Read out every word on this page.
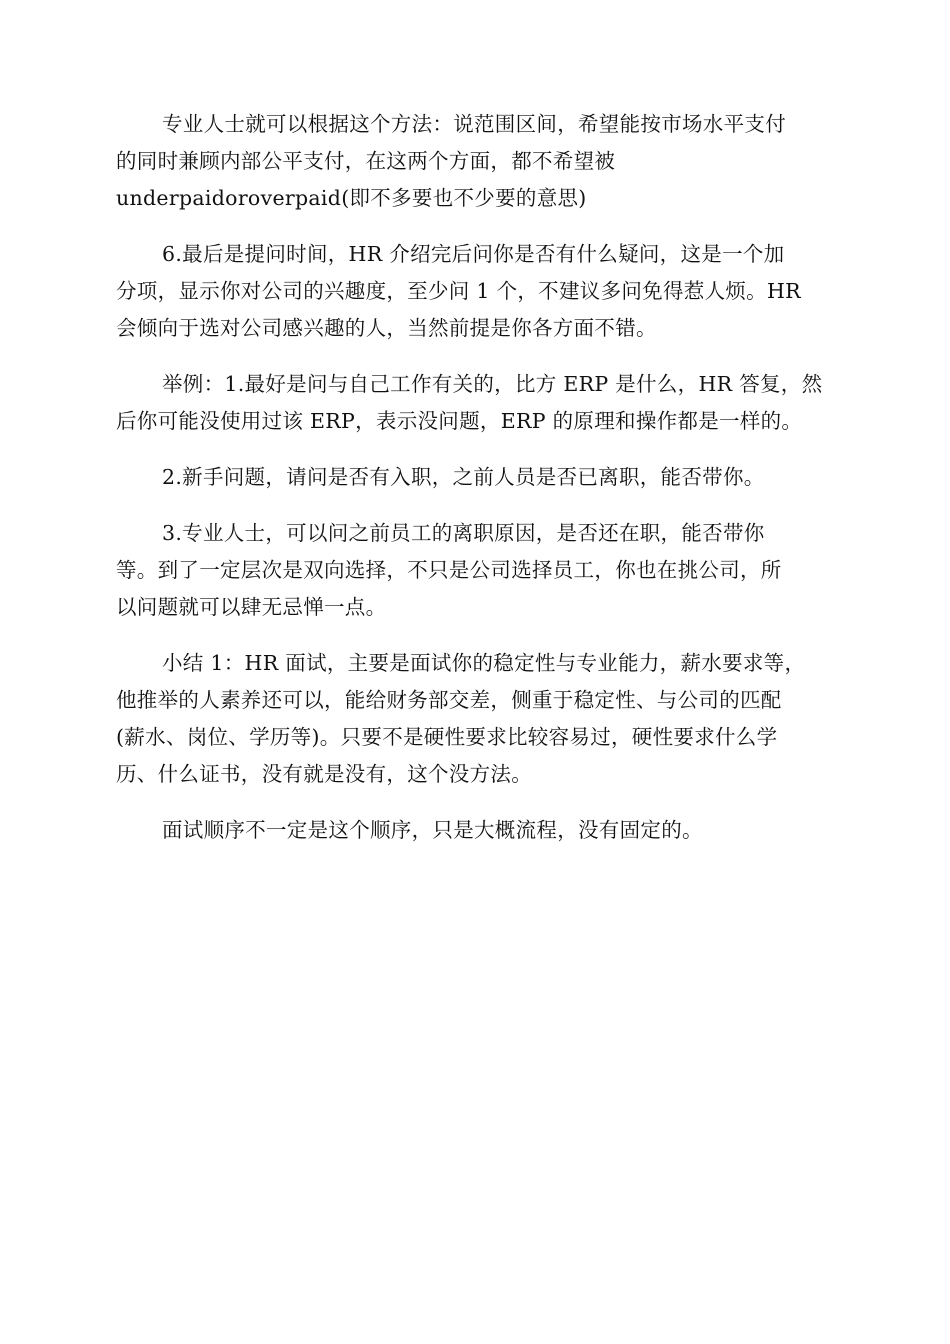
专业人士就可以根据这个方法：说范围区间，希望能按市场水平支付
的同时兼顾内部公平支付，在这两个方面，都不希望被
underpaidoroverpaid(即不多要也不少要的意思)

6.最后是提问时间，HR 介绍完后问你是否有什么疑问，这是一个加
分项，显示你对公司的兴趣度，至少问 1 个，不建议多问免得惹人烦。HR
会倾向于选对公司感兴趣的人，当然前提是你各方面不错。

举例：1.最好是问与自己工作有关的，比方 ERP 是什么，HR 答复，然
后你可能没使用过该 ERP，表示没问题，ERP 的原理和操作都是一样的。

2.新手问题，请问是否有入职，之前人员是否已离职，能否带你。

3.专业人士，可以问之前员工的离职原因，是否还在职，能否带你
等。到了一定层次是双向选择，不只是公司选择员工，你也在挑公司，所
以问题就可以肆无忌惮一点。

小结 1：HR 面试，主要是面试你的稳定性与专业能力，薪水要求等，
他推举的人素养还可以，能给财务部交差，侧重于稳定性、与公司的匹配
(薪水、岗位、学历等)。只要不是硬性要求比较容易过，硬性要求什么学
历、什么证书，没有就是没有，这个没方法。

面试顺序不一定是这个顺序，只是大概流程，没有固定的。
